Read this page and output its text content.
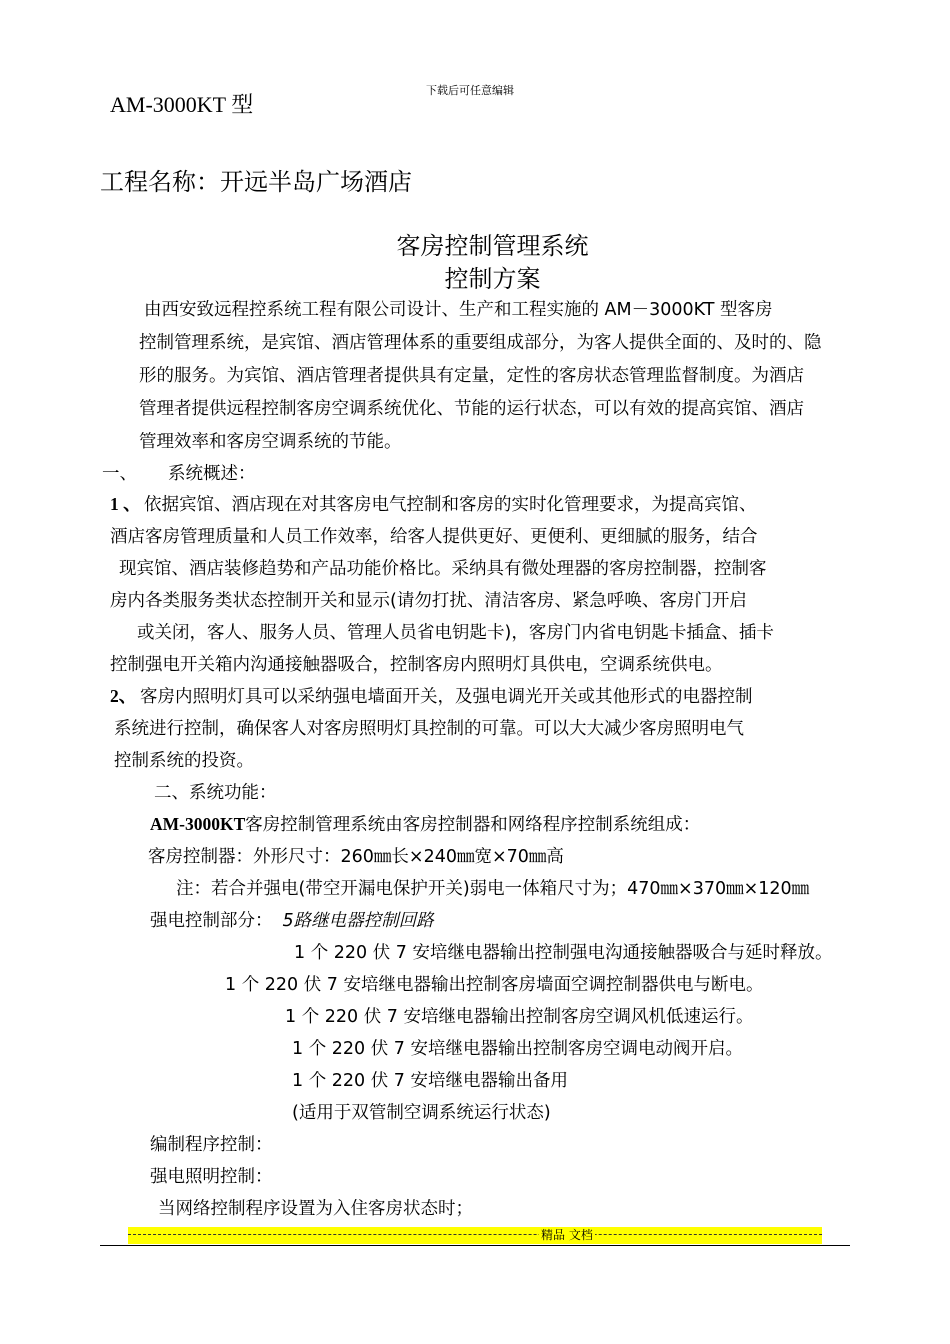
AM-3000KT 型
下载后可任意编辑
工程名称：开远半岛广场酒店
客房控制管理系统
控制方案
由西安致远程控系统工程有限公司设计、生产和工程实施的 AM－3000KT 型客房
控制管理系统，是宾馆、酒店管理体系的重要组成部分，为客人提供全面的、及时的、隐
形的服务。为宾馆、酒店管理者提供具有定量，定性的客房状态管理监督制度。为酒店
管理者提供远程控制客房空调系统优化、节能的运行状态，可以有效的提高宾馆、酒店
管理效率和客房空调系统的节能。
一、 系统概述：
1 、 依据宾馆、酒店现在对其客房电气控制和客房的实时化管理要求，为提高宾馆、
酒店客房管理质量和人员工作效率，给客人提供更好、更便利、更细腻的服务，结合
现宾馆、酒店装修趋势和产品功能价格比。采纳具有微处理器的客房控制器，控制客
房内各类服务类状态控制开关和显示(请勿打扰、清洁客房、紧急呼唤、客房门开启
或关闭，客人、服务人员、管理人员省电钥匙卡)，客房门内省电钥匙卡插盒、插卡
控制强电开关箱内沟通接触器吸合，控制客房内照明灯具供电，空调系统供电。
2、 客房内照明灯具可以采纳强电墙面开关，及强电调光开关或其他形式的电器控制
系统进行控制，确保客人对客房照明灯具控制的可靠。可以大大减少客房照明电气
控制系统的投资。
二、系统功能：
AM-3000KT客房控制管理系统由客房控制器和网络程序控制系统组成：
客房控制器：外形尺寸：260㎜长×240㎜宽×70㎜高
注：若合并强电(带空开漏电保护开关)弱电一体箱尺寸为；470㎜×370㎜×120㎜
强电控制部分： 5路继电器控制回路
1 个 220 伏 7 安培继电器输出控制强电沟通接触器吸合与延时释放。
1 个 220 伏 7 安培继电器输出控制客房墙面空调控制器供电与断电。
1 个 220 伏 7 安培继电器输出控制客房空调风机低速运行。
1 个 220 伏 7 安培继电器输出控制客房空调电动阀开启。
1 个 220 伏 7 安培继电器输出备用
(适用于双管制空调系统运行状态)
编制程序控制：
强电照明控制：
当网络控制程序设置为入住客房状态时；
精品 文档
